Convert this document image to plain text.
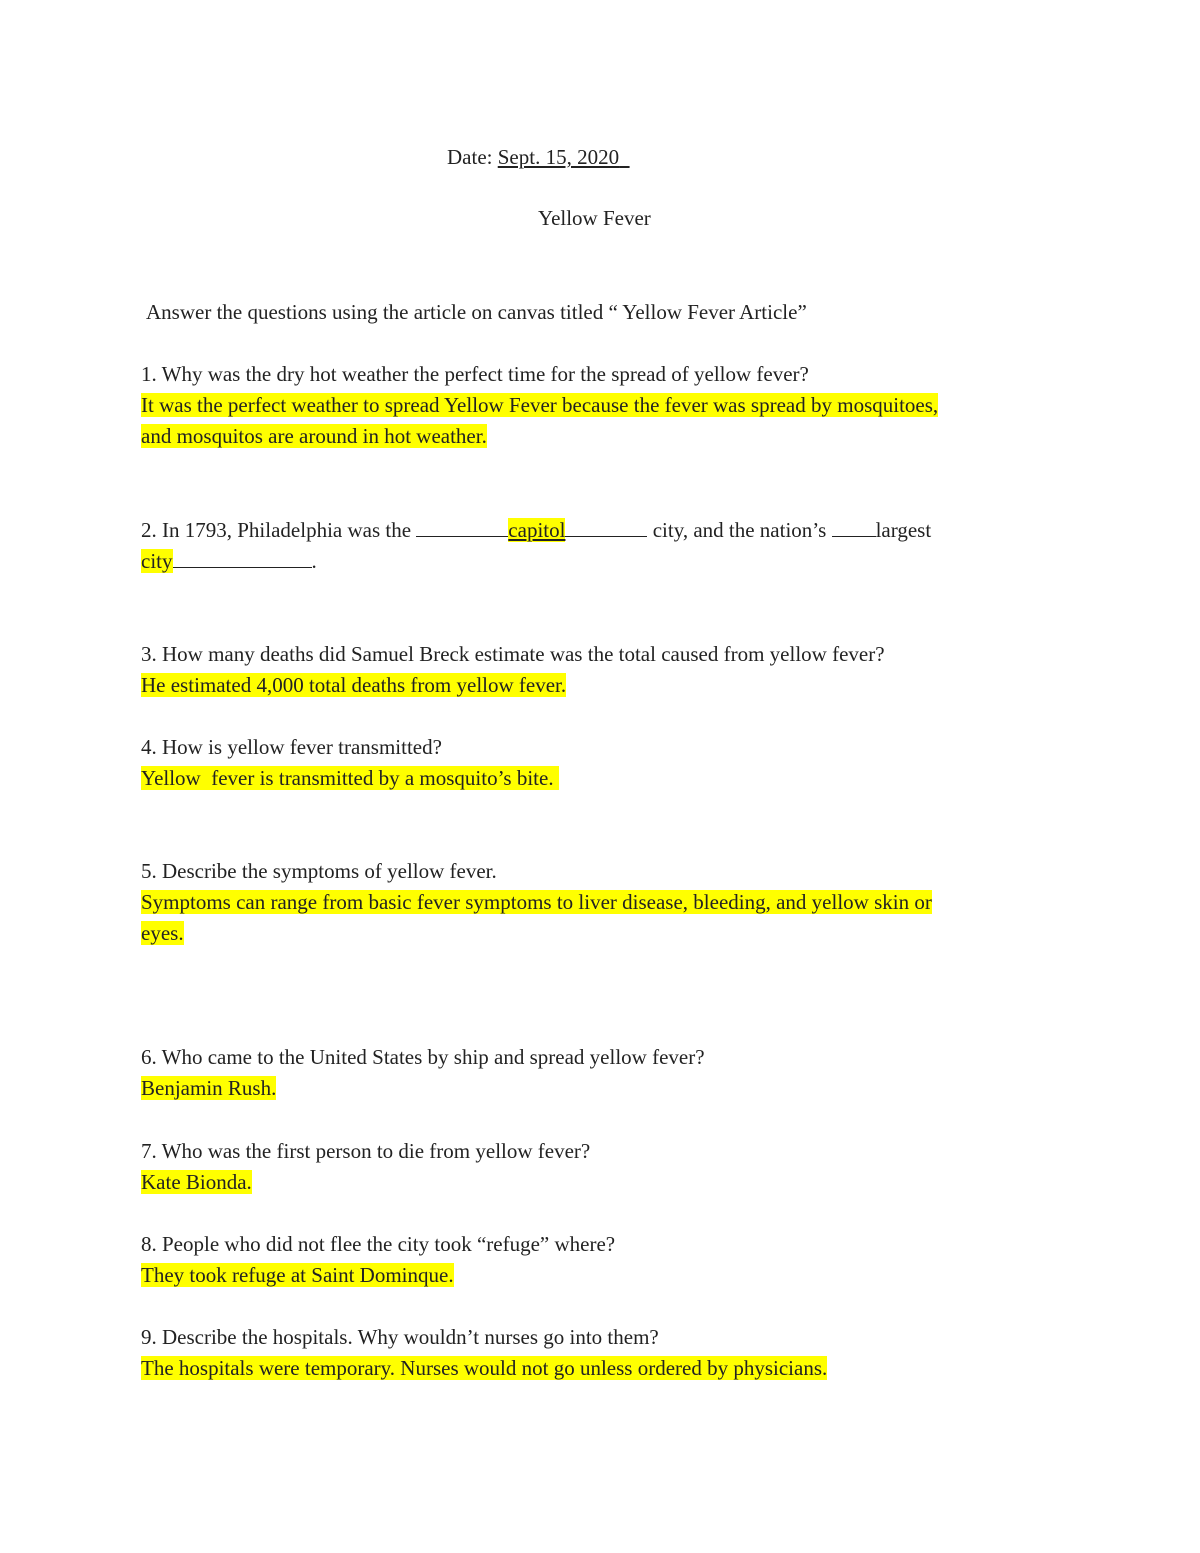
Date: Sept. 15, 2020
Yellow Fever
Answer the questions using the article on canvas titled “ Yellow Fever Article”
1. Why was the dry hot weather the perfect time for the spread of yellow fever?
It was the perfect weather to spread Yellow Fever because the fever was spread by mosquitoes,
and mosquitos are around in hot weather.
2. In 1793, Philadelphia was the	capitol	city, and the nation’s largest
city	.
3. How many deaths did Samuel Breck estimate was the total caused from yellow fever?
He estimated 4,000 total deaths from yellow fever.
4. How is yellow fever transmitted?
Yellow  fever is transmitted by a mosquito’s bite.
5. Describe the symptoms of yellow fever.
Symptoms can range from basic fever symptoms to liver disease, bleeding, and yellow skin or
eyes.
6. Who came to the United States by ship and spread yellow fever?
Benjamin Rush.
7. Who was the first person to die from yellow fever?
Kate Bionda.
8. People who did not flee the city took “refuge” where?
They took refuge at Saint Dominque.
9. Describe the hospitals. Why wouldn’t nurses go into them?
The hospitals were temporary. Nurses would not go unless ordered by physicians.
